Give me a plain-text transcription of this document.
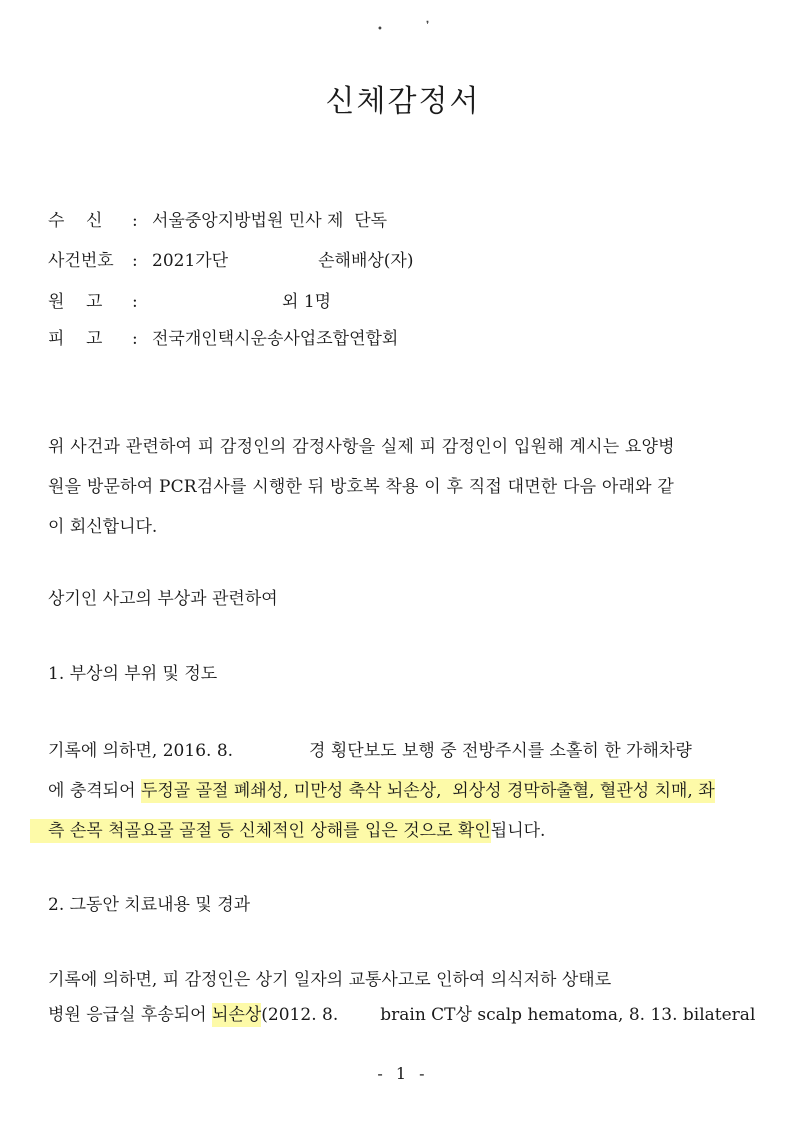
•	❜
신체감정서
수    신 : 서울중앙지방법원 민사 제  단독
사건번호 : 2021가단	손해배상(자)
원    고 :	외 1명
피    고 : 전국개인택시운송사업조합연합회
위 사건과 관련하여 피 감정인의 감정사항을 실제 피 감정인이 입원해 계시는 요양병
원을 방문하여 PCR검사를 시행한 뒤 방호복 착용 이 후 직접 대면한 다음 아래와 같
이 회신합니다.
상기인 사고의 부상과 관련하여
1. 부상의 부위 및 정도
기록에 의하면, 2016. 8.	경 횡단보도 보행 중 전방주시를 소홀히 한 가해차량
에 충격되어 두정골 골절 폐쇄성, 미만성 축삭 뇌손상,  외상성 경막하출혈, 혈관성 치매, 좌
측 손목 척골요골 골절 등 신체적인 상해를 입은 것으로 확인됩니다.
2. 그동안 치료내용 및 경과
기록에 의하면, 피 감정인은 상기 일자의 교통사고로 인하여 의식저하 상태로
병원 응급실 후송되어 뇌손상(2012. 8. brain CT상 scalp hematoma, 8. 13. bilateral
- 1 -
